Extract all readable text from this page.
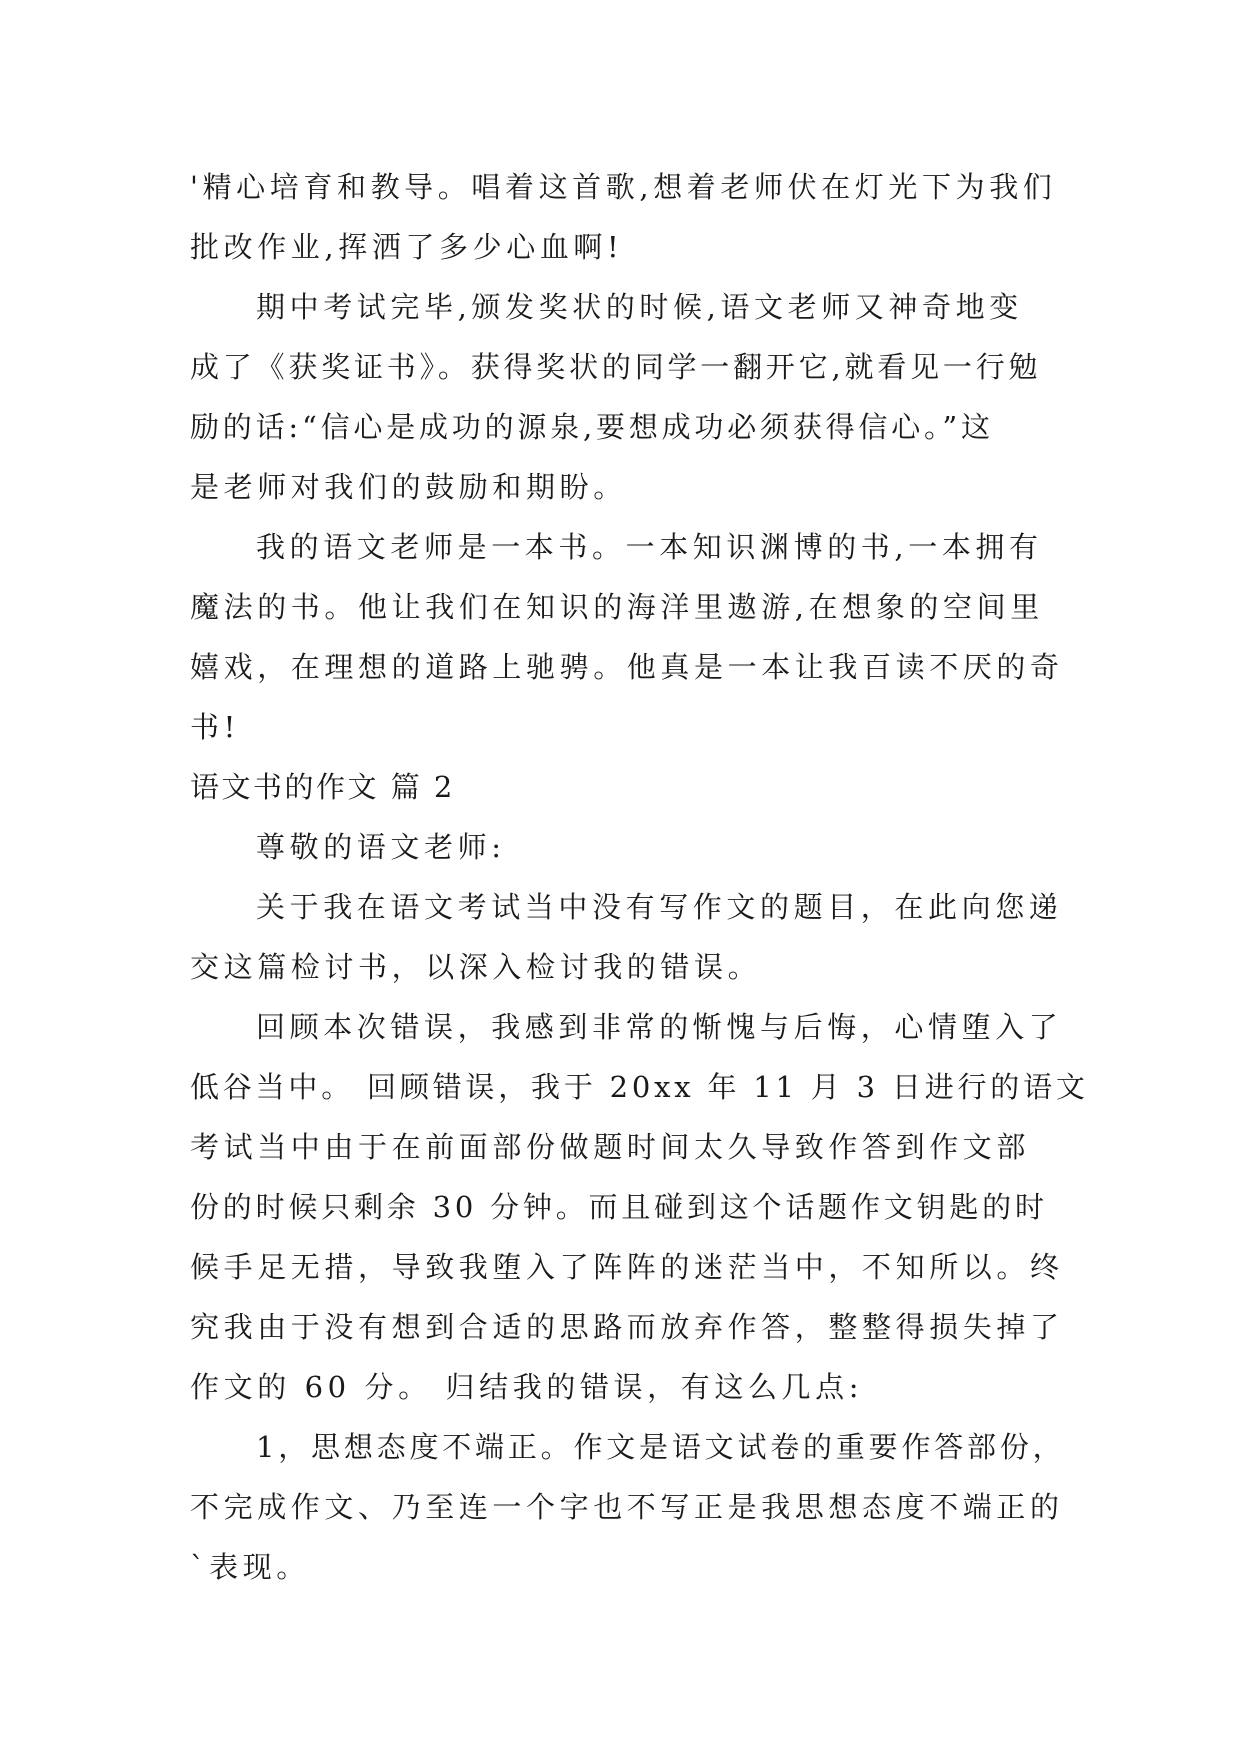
'精心培育和教导。唱着这首歌,想着老师伏在灯光下为我们
批改作业,挥洒了多少心血啊!
期中考试完毕,颁发奖状的时候,语文老师又神奇地变
成了《获奖证书》。获得奖状的同学一翻开它,就看见一行勉
励的话:“信心是成功的源泉,要想成功必须获得信心。”这
是老师对我们的鼓励和期盼。
我的语文老师是一本书。一本知识渊博的书,一本拥有
魔法的书。他让我们在知识的海洋里遨游,在想象的空间里
嬉戏，在理想的道路上驰骋。他真是一本让我百读不厌的奇
书!
语文书的作文 篇 2
尊敬的语文老师:
关于我在语文考试当中没有写作文的题目，在此向您递
交这篇检讨书，以深入检讨我的错误。
回顾本次错误，我感到非常的惭愧与后悔，心情堕入了
低谷当中。 回顾错误，我于 20xx 年 11 月 3 日进行的语文
考试当中由于在前面部份做题时间太久导致作答到作文部
份的时候只剩余 30 分钟。而且碰到这个话题作文钥匙的时
候手足无措，导致我堕入了阵阵的迷茫当中，不知所以。终
究我由于没有想到合适的思路而放弃作答，整整得损失掉了
作文的 60 分。 归结我的错误，有这么几点:
1，思想态度不端正。作文是语文试卷的重要作答部份，
不完成作文、乃至连一个字也不写正是我思想态度不端正的
`表现。
